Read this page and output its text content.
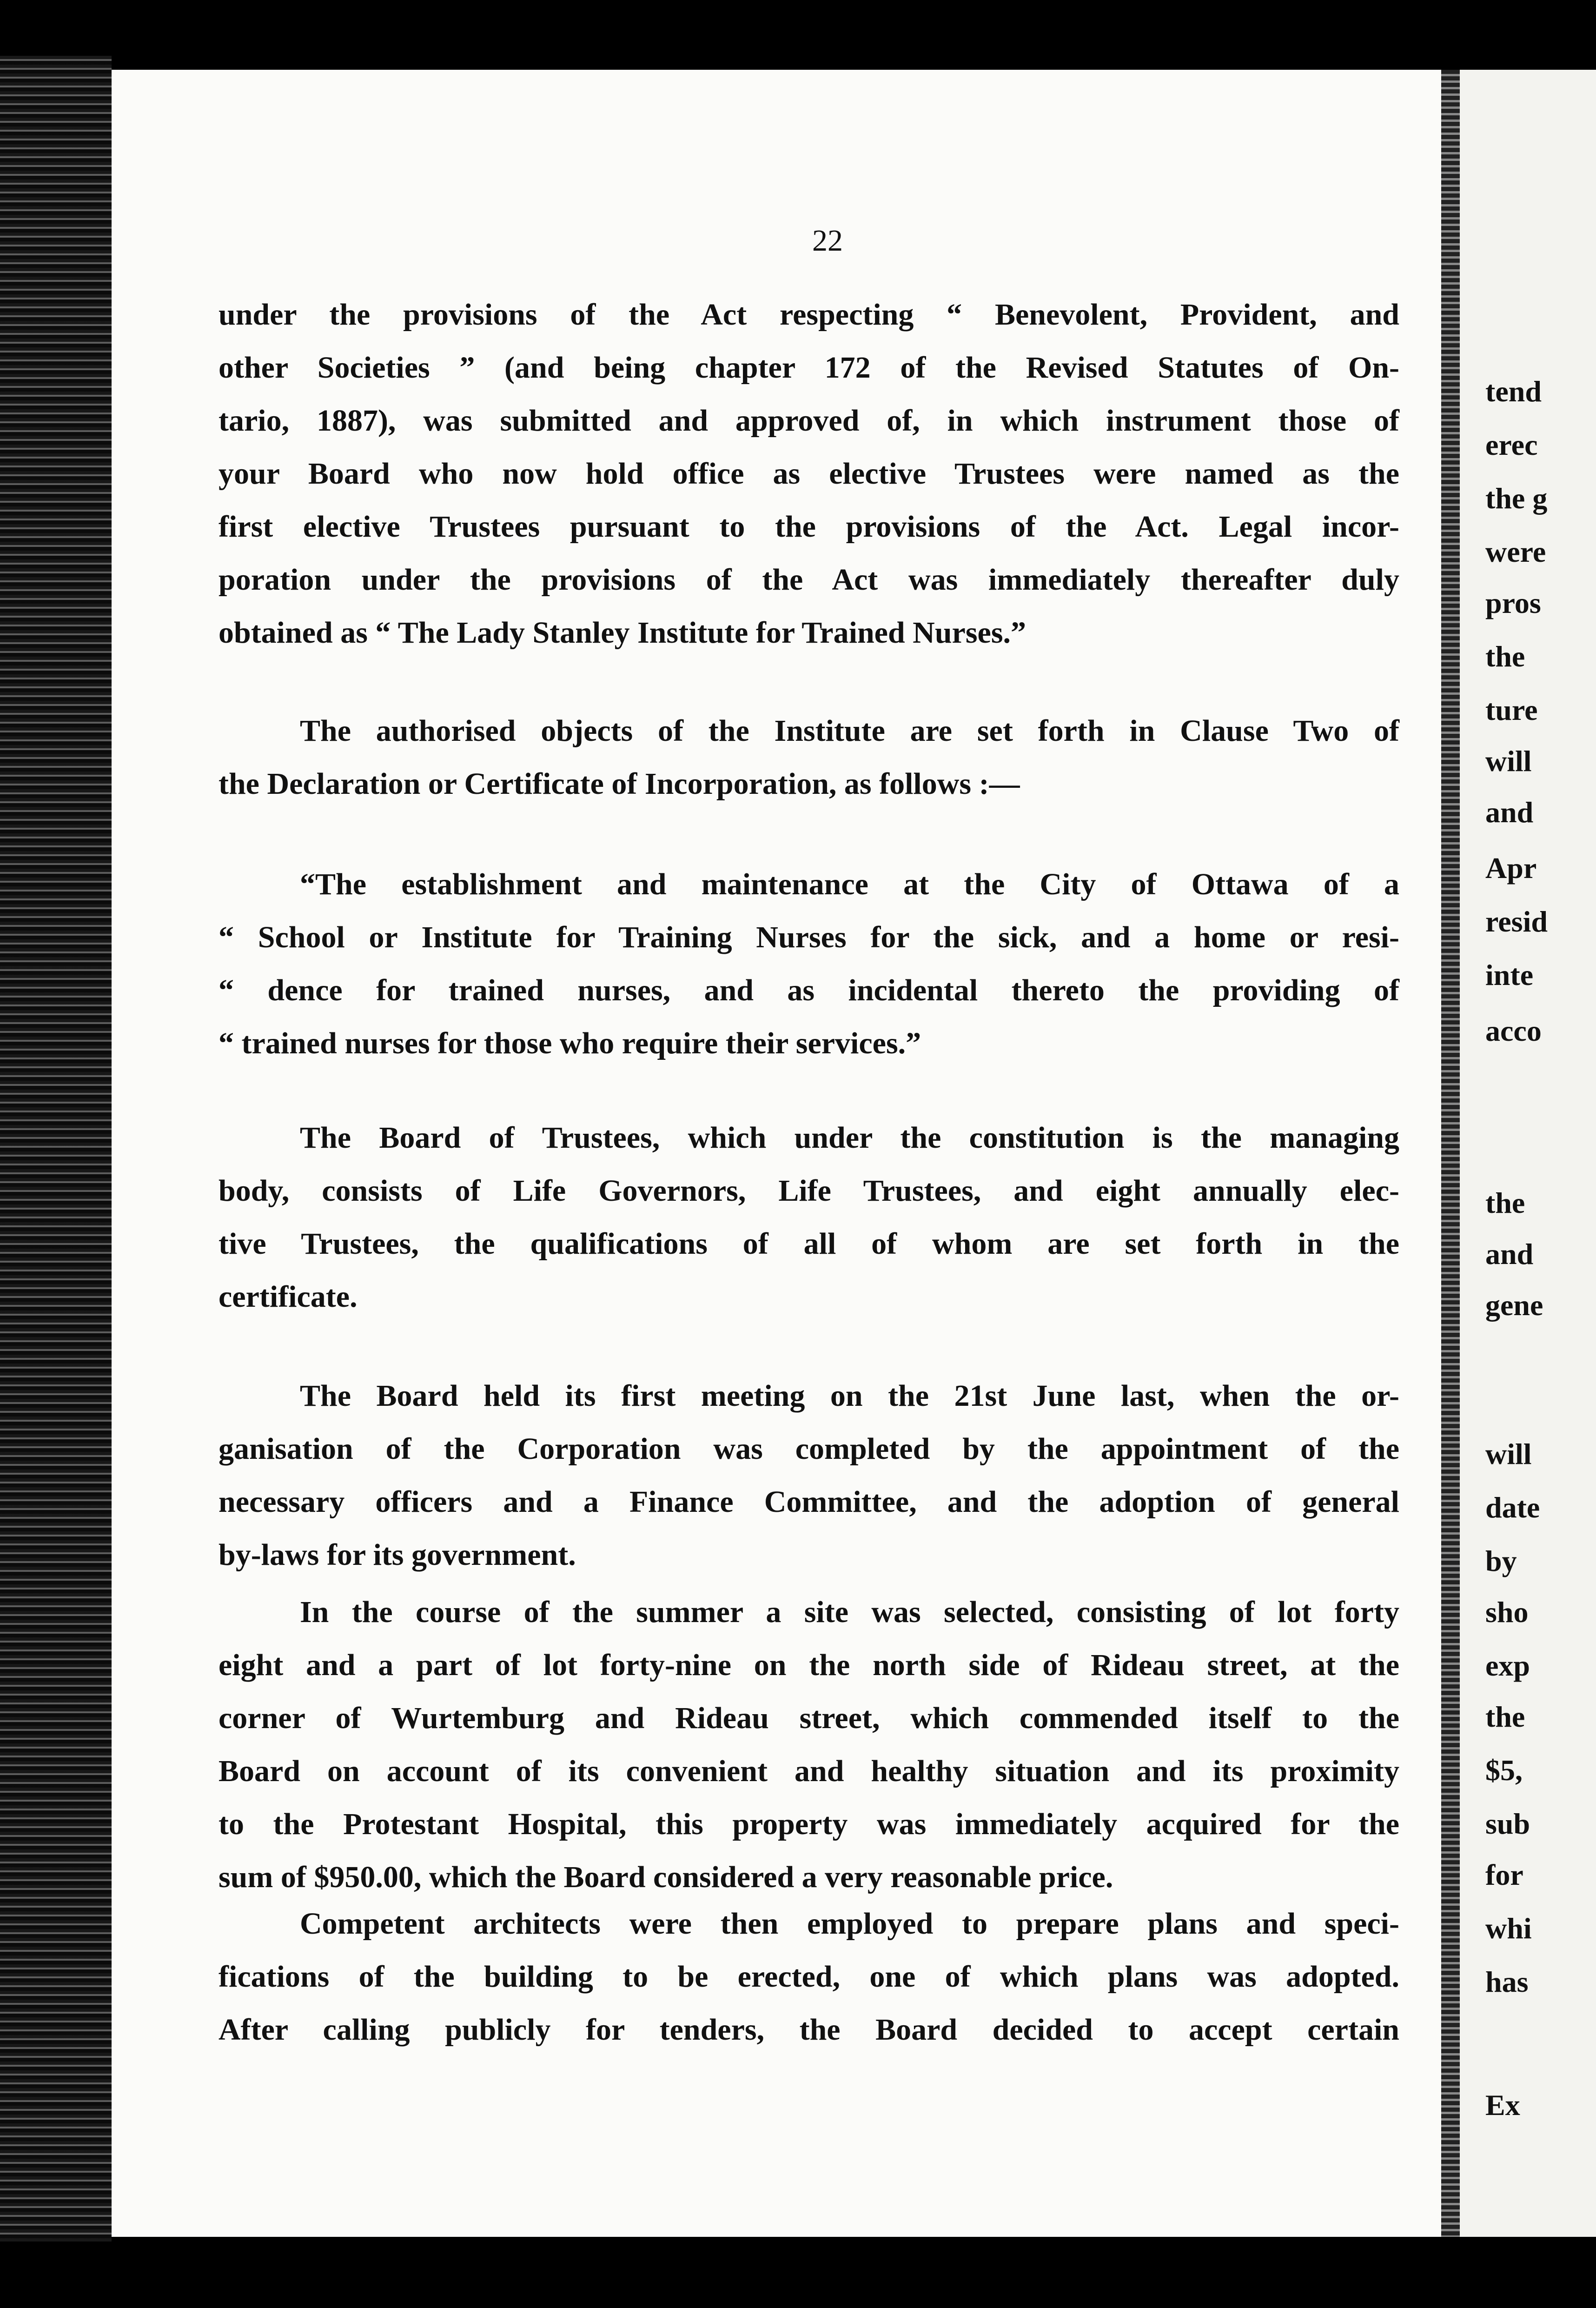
22
under the provisions of the Act respecting “ Benevolent, Provident, and
other Societies ” (and being chapter 172 of the Revised Statutes of On-
tario, 1887), was submitted and approved of, in which instrument those of
your Board who now hold office as elective Trustees were named as the
first elective Trustees pursuant to the provisions of the Act. Legal incor-
poration under the provisions of the Act was immediately thereafter duly
obtained as “ The Lady Stanley Institute for Trained Nurses.”
The authorised objects of the Institute are set forth in Clause Two of
the Declaration or Certificate of Incorporation, as follows :—
“The establishment and maintenance at the City of Ottawa of a
“ School or Institute for Training Nurses for the sick, and a home or resi-
“ dence for trained nurses, and as incidental thereto the providing of
“ trained nurses for those who require their services.”
The Board of Trustees, which under the constitution is the managing
body, consists of Life Governors, Life Trustees, and eight annually elec-
tive Trustees, the qualifications of all of whom are set forth in the
certificate.
The Board held its first meeting on the 21st June last, when the or-
ganisation of the Corporation was completed by the appointment of the
necessary officers and a Finance Committee, and the adoption of general
by-laws for its government.
In the course of the summer a site was selected, consisting of lot forty
eight and a part of lot forty-nine on the north side of Rideau street, at the
corner of Wurtemburg and Rideau street, which commended itself to the
Board on account of its convenient and healthy situation and its proximity
to the Protestant Hospital, this property was immediately acquired for the
sum of $950.00, which the Board considered a very reasonable price.
Competent architects were then employed to prepare plans and speci-
fications of the building to be erected, one of which plans was adopted.
After calling publicly for tenders, the Board decided to accept certain
tend
erec
the g
were
pros
the
ture
will
and
Apr
resid
inte
acco
the
and
gene
will
date
by
sho
exp
the
$5,
sub
for
whi
has
Ex
